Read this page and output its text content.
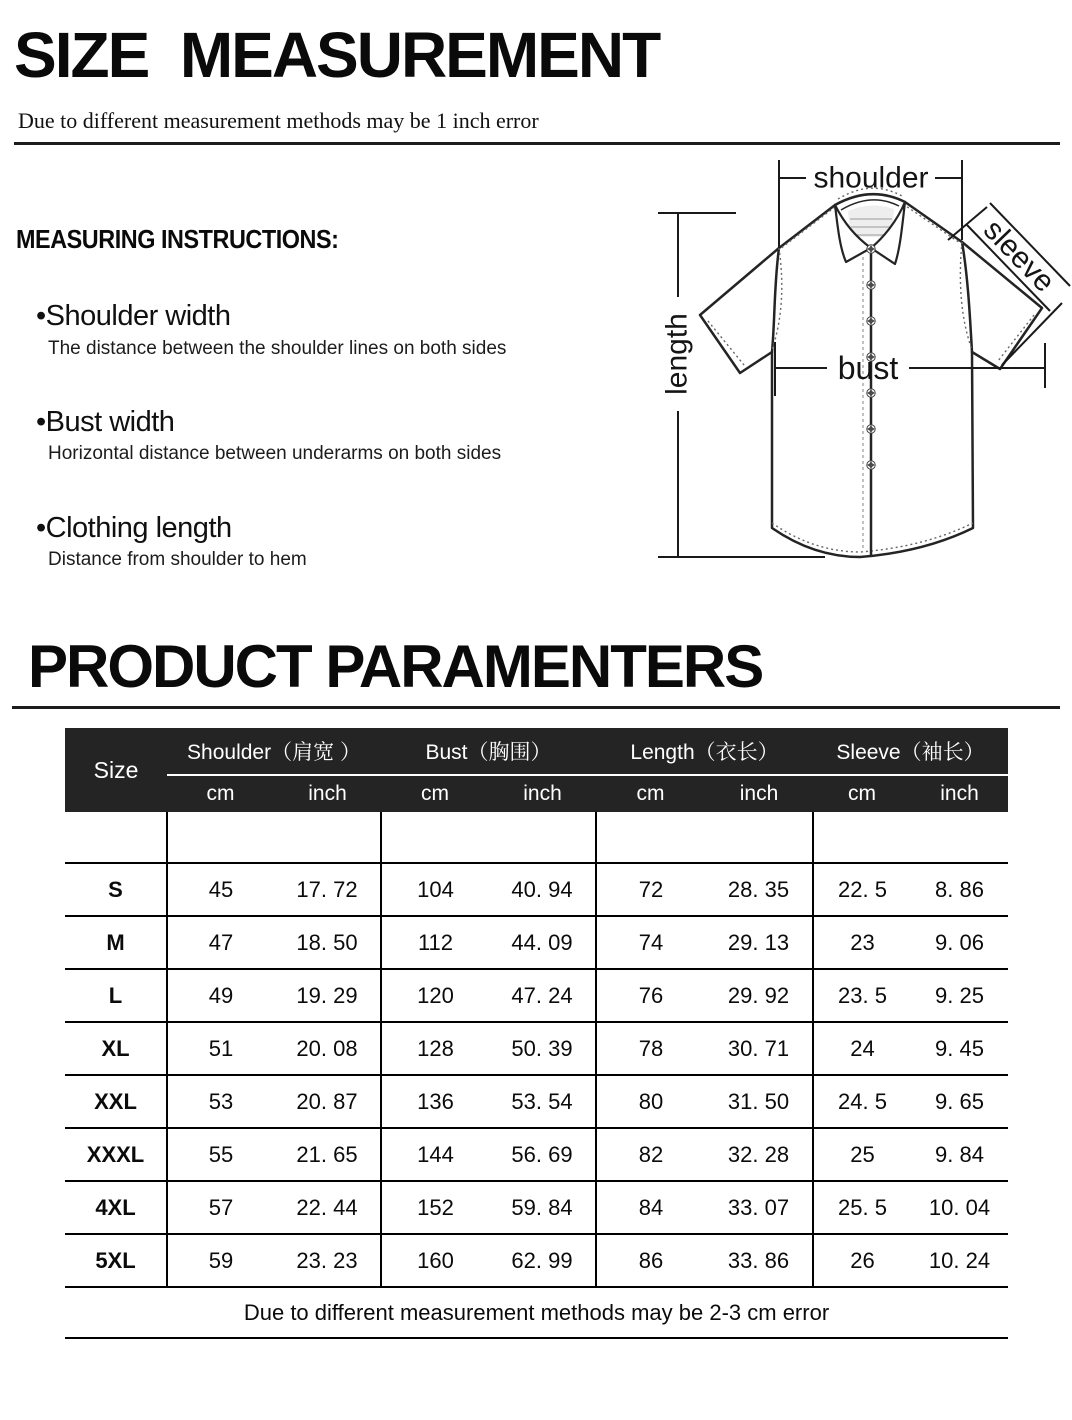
SIZE  MEASUREMENT
Due to different measurement methods may be 1 inch error
MEASURING INSTRUCTIONS:
•Shoulder width
The distance between the shoulder lines on both sides
•Bust width
Horizontal distance between underarms on both sides
•Clothing length
Distance from shoulder to hem
shoulder
length	bust
sleeve
PRODUCT PARAMENTERS
Size	Shoulder（肩宽 ）		Bust（胸围）		Length（衣长）		Sleeve（袖长）	
	cm	inch	cm	inch	cm	inch	cm	inch

S	45	17. 72	104	40. 94	72	28. 35	22. 5	8. 86
M	47	18. 50	112	44. 09	74	29. 13	23	9. 06
L	49	19. 29	120	47. 24	76	29. 92	23. 5	9. 25
XL	51	20. 08	128	50. 39	78	30. 71	24	9. 45
XXL	53	20. 87	136	53. 54	80	31. 50	24. 5	9. 65
XXXL	55	21. 65	144	56. 69	82	32. 28	25	9. 84
4XL	57	22. 44	152	59. 84	84	33. 07	25. 5	10. 04
5XL	59	23. 23	160	62. 99	86	33. 86	26	10. 24
Due to different measurement methods may be 2-3 cm error
